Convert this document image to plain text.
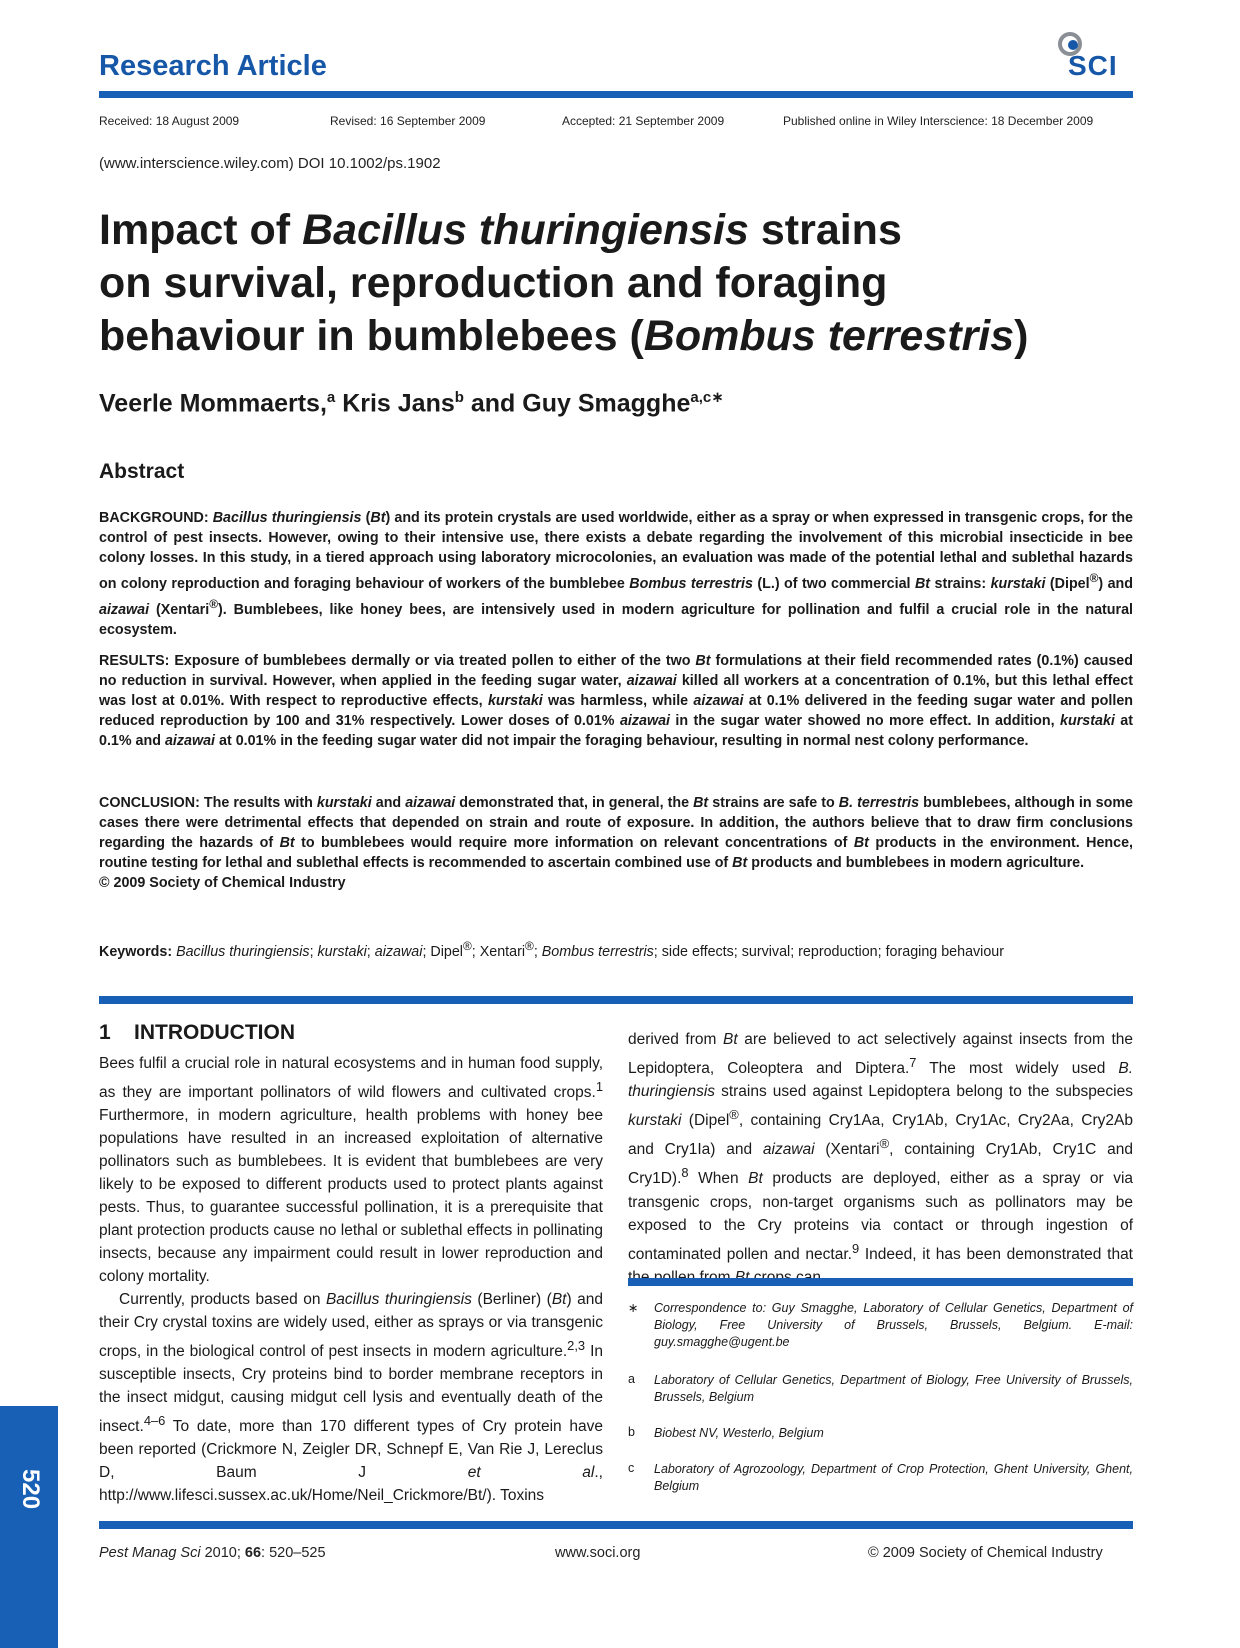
Research Article	SCI
Received: 18 August 2009	Revised: 16 September 2009	Accepted: 21 September 2009	Published online in Wiley Interscience: 18 December 2009
(www.interscience.wiley.com) DOI 10.1002/ps.1902
Impact of Bacillus thuringiensis strains
on survival, reproduction and foraging
behaviour in bumblebees (Bombus terrestris)
Veerle Mommaerts,$^a$ Kris Jans$^b$ and Guy Smagghe$^{a,c∗}$
Abstract
BACKGROUND: Bacillus thuringiensis (Bt) and its protein crystals are used worldwide, either as a spray or when expressed in transgenic crops, for the control of pest insects. However, owing to their intensive use, there exists a debate regarding the involvement of this microbial insecticide in bee colony losses. In this study, in a tiered approach using laboratory microcolonies, an evaluation was made of the potential lethal and sublethal hazards on colony reproduction and foraging behaviour of workers of the bumblebee Bombus terrestris (L.) of two commercial Bt strains: kurstaki (Dipel®) and aizawai (Xentari®). Bumblebees, like honey bees, are intensively used in modern agriculture for pollination and fulfil a crucial role in the natural ecosystem.
RESULTS: Exposure of bumblebees dermally or via treated pollen to either of the two Bt formulations at their field recommended rates (0.1%) caused no reduction in survival. However, when applied in the feeding sugar water, aizawai killed all workers at a concentration of 0.1%, but this lethal effect was lost at 0.01%. With respect to reproductive effects, kurstaki was harmless, while aizawai at 0.1% delivered in the feeding sugar water and pollen reduced reproduction by 100 and 31% respectively. Lower doses of 0.01% aizawai in the sugar water showed no more effect. In addition, kurstaki at 0.1% and aizawai at 0.01% in the feeding sugar water did not impair the foraging behaviour, resulting in normal nest colony performance.
CONCLUSION: The results with kurstaki and aizawai demonstrated that, in general, the Bt strains are safe to B. terrestris bumblebees, although in some cases there were detrimental effects that depended on strain and route of exposure. In addition, the authors believe that to draw firm conclusions regarding the hazards of Bt to bumblebees would require more information on relevant concentrations of Bt products in the environment. Hence, routine testing for lethal and sublethal effects is recommended to ascertain combined use of Bt products and bumblebees in modern agriculture.
© 2009 Society of Chemical Industry
Keywords: Bacillus thuringiensis; kurstaki; aizawai; Dipel®; Xentari®; Bombus terrestris; side effects; survival; reproduction; foraging behaviour
1    INTRODUCTION

Bees fulfil a crucial role in natural ecosystems and in human food supply, as they are important pollinators of wild flowers and cultivated crops.$^1$ Furthermore, in modern agriculture, health problems with honey bee populations have resulted in an increased exploitation of alternative pollinators such as bumblebees. It is evident that bumblebees are very likely to be exposed to different products used to protect plants against pests. Thus, to guarantee successful pollination, it is a prerequisite that plant protection products cause no lethal or sublethal effects in pollinating insects, because any impairment could result in lower reproduction and colony mortality.

Currently, products based on Bacillus thuringiensis (Berliner) (Bt) and their Cry crystal toxins are widely used, either as sprays or via transgenic crops, in the biological control of pest insects in modern agriculture.$^{2,3}$ In susceptible insects, Cry proteins bind to border membrane receptors in the insect midgut, causing midgut cell lysis and eventually death of the insect.$^{4-6}$ To date, more than 170 different types of Cry protein have been reported (Crickmore N, Zeigler DR, Schnepf E, Van Rie J, Lereclus D, Baum J et al., http://www.lifesci.sussex.ac.uk/Home/Neil_Crickmore/Bt/). Toxins

derived from Bt are believed to act selectively against insects from the Lepidoptera, Coleoptera and Diptera.$^7$ The most widely used B. thuringiensis strains used against Lepidoptera belong to the subspecies kurstaki (Dipel®, containing Cry1Aa, Cry1Ab, Cry1Ac, Cry2Aa, Cry2Ab and Cry1Ia) and aizawai (Xentari®, containing Cry1Ab, Cry1C and Cry1D).$^8$ When Bt products are deployed, either as a spray or via transgenic crops, non-target organisms such as pollinators may be exposed to the Cry proteins via contact or through ingestion of contaminated pollen and nectar.$^9$ Indeed, it has been demonstrated that

∗ Correspondence to: Guy Smagghe, Laboratory of Cellular Genetics, Department of Biology, Free University of Brussels, Brussels, Belgium. E-mail: guy.smagghe@ugent.be
a Laboratory of Cellular Genetics, Department of Biology, Free University of Brussels, Brussels, Belgium
b Biobest NV, Westerlo, Belgium
c Laboratory of Agrozoology, Department of Crop Protection, Ghent University, Ghent, Belgium
520
Pest Manag Sci 2010; 66: 520–525	www.soci.org	© 2009 Society of Chemical Industry
